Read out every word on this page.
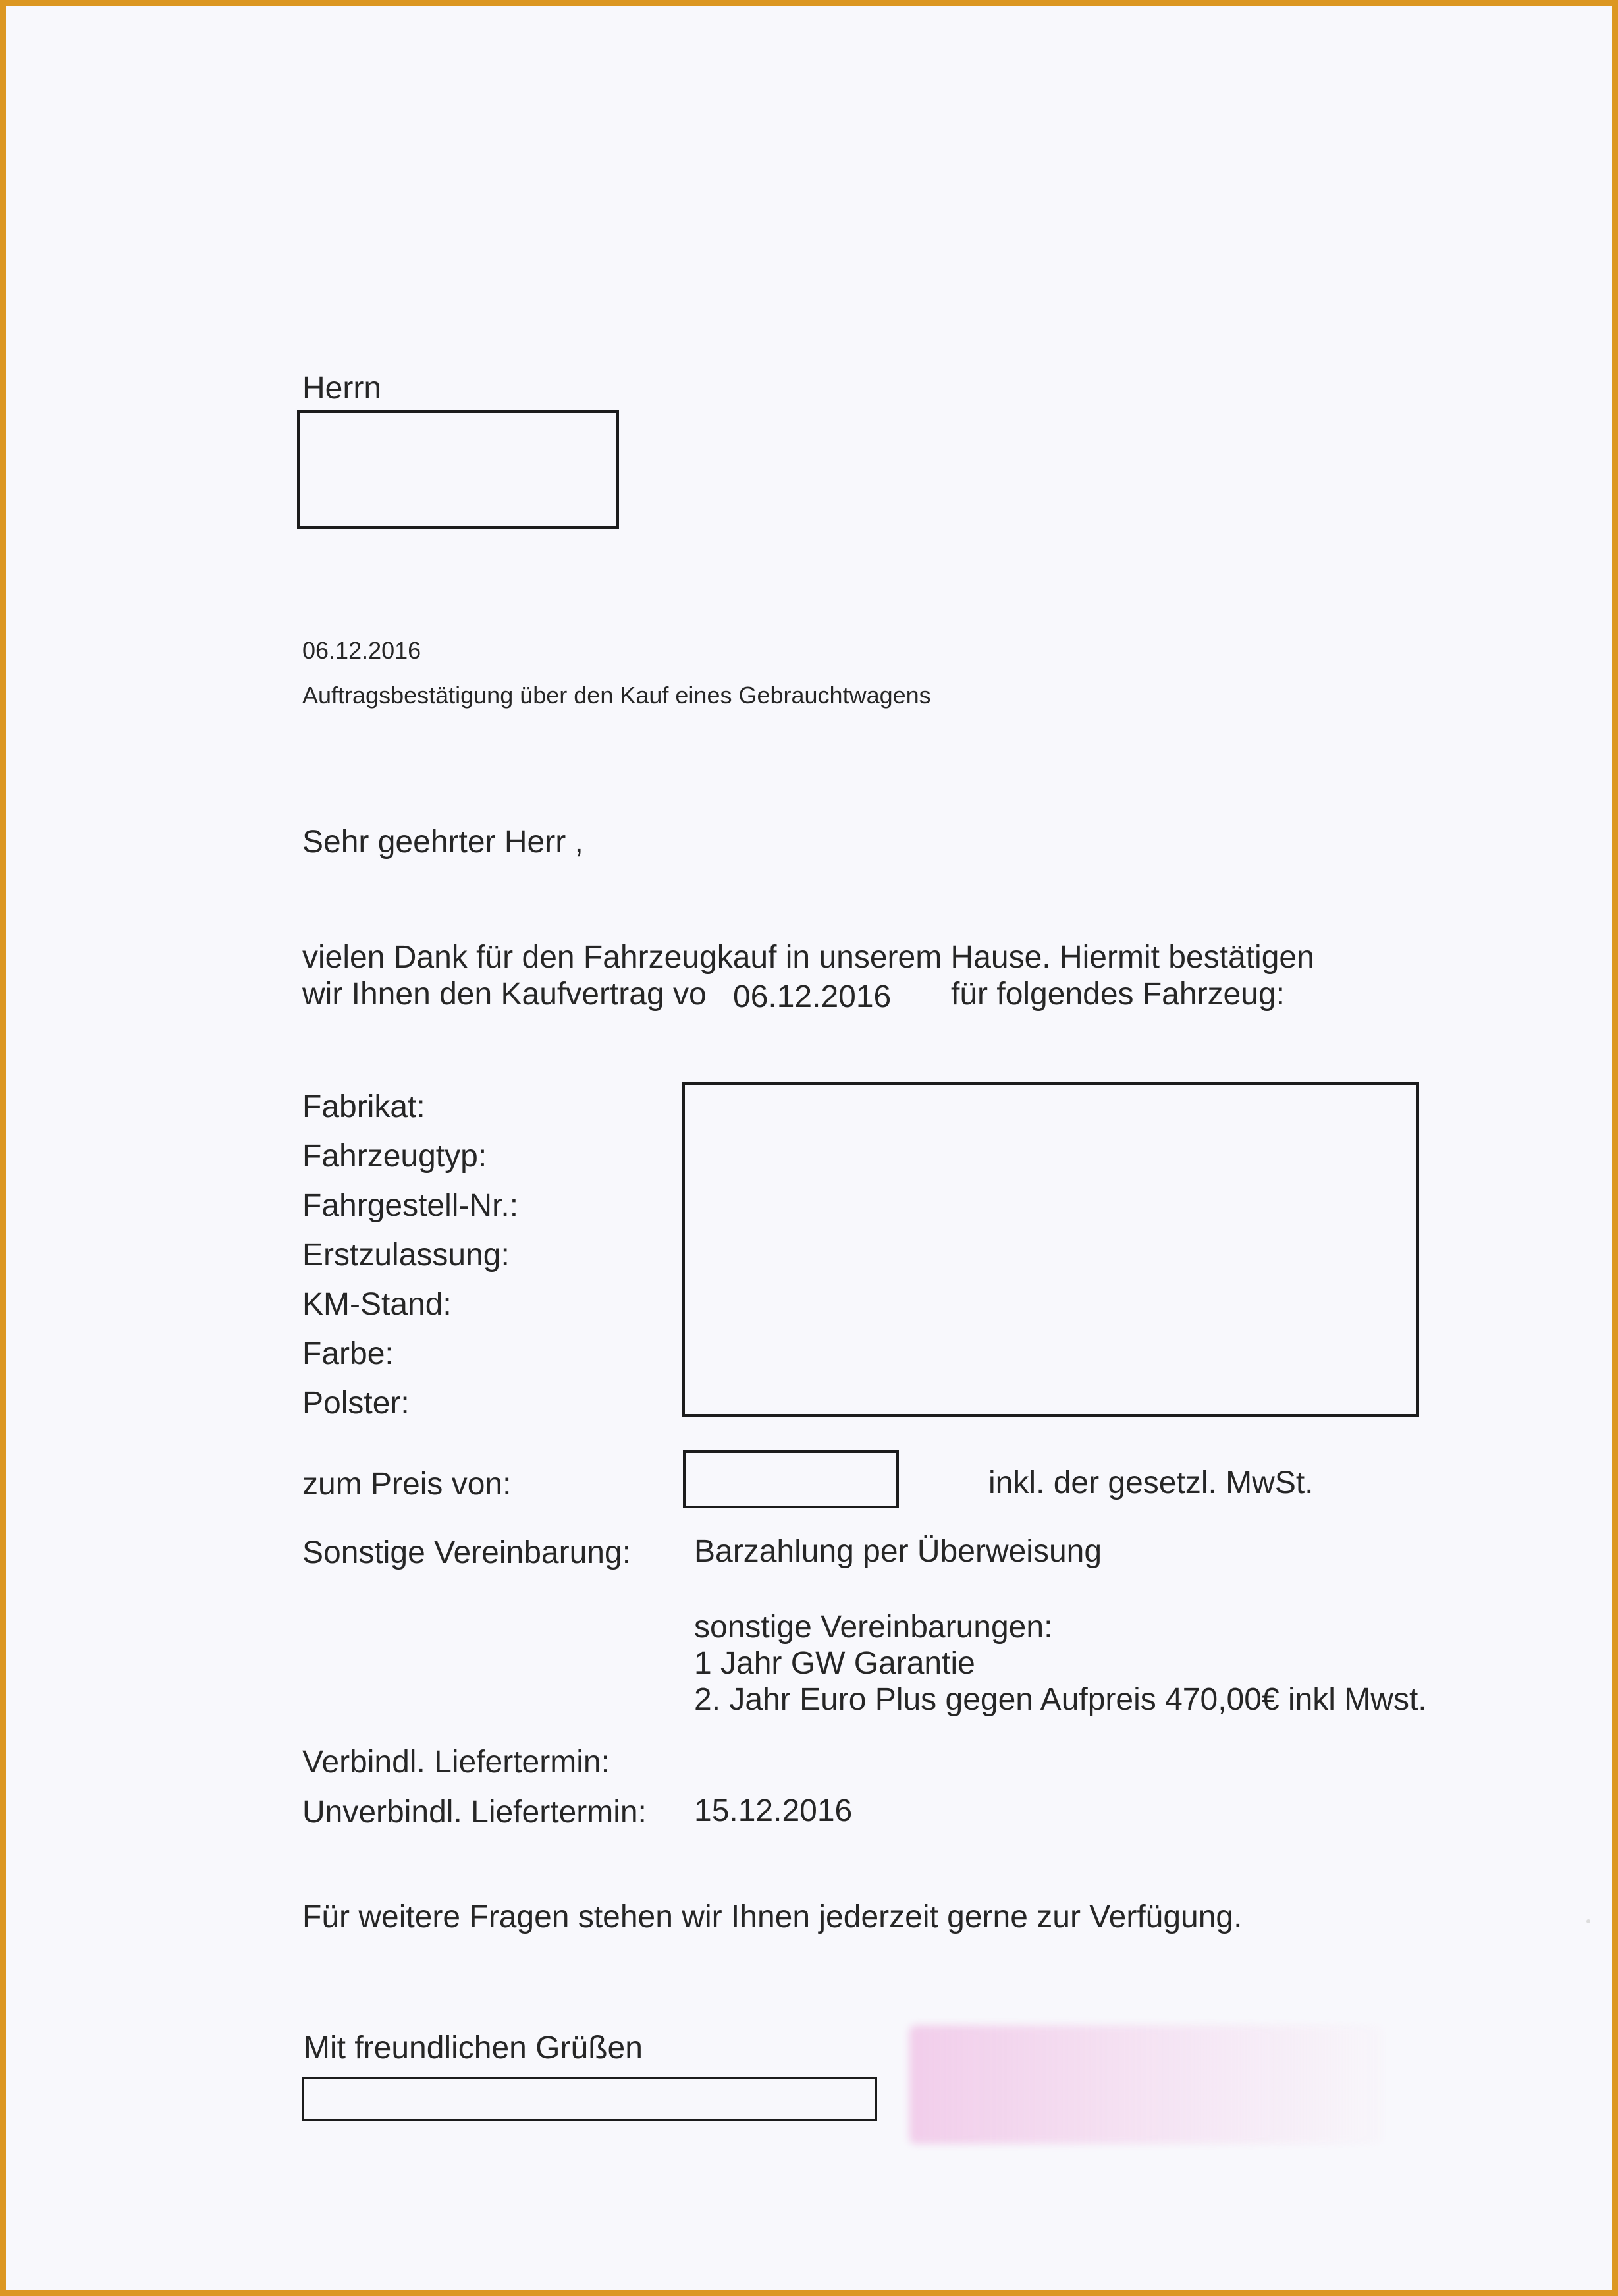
Herrn
06.12.2016
Auftragsbestätigung über den Kauf eines Gebrauchtwagens
Sehr geehrter Herr ,
vielen Dank für den Fahrzeugkauf in unserem Hause. Hiermit bestätigen
wir Ihnen den Kaufvertrag vo 06.12.2016 für folgendes Fahrzeug:
Fabrikat:
Fahrzeugtyp:
Fahrgestell-Nr.:
Erstzulassung:
KM-Stand:
Farbe:
Polster:
zum Preis von:	inkl. der gesetzl. MwSt.
Sonstige Vereinbarung: Barzahlung per Überweisung
sonstige Vereinbarungen:
1 Jahr GW Garantie
2. Jahr Euro Plus gegen Aufpreis 470,00€ inkl Mwst.
Verbindl. Liefertermin:
Unverbindl. Liefertermin: 15.12.2016
Für weitere Fragen stehen wir Ihnen jederzeit gerne zur Verfügung.
Mit freundlichen Grüßen
